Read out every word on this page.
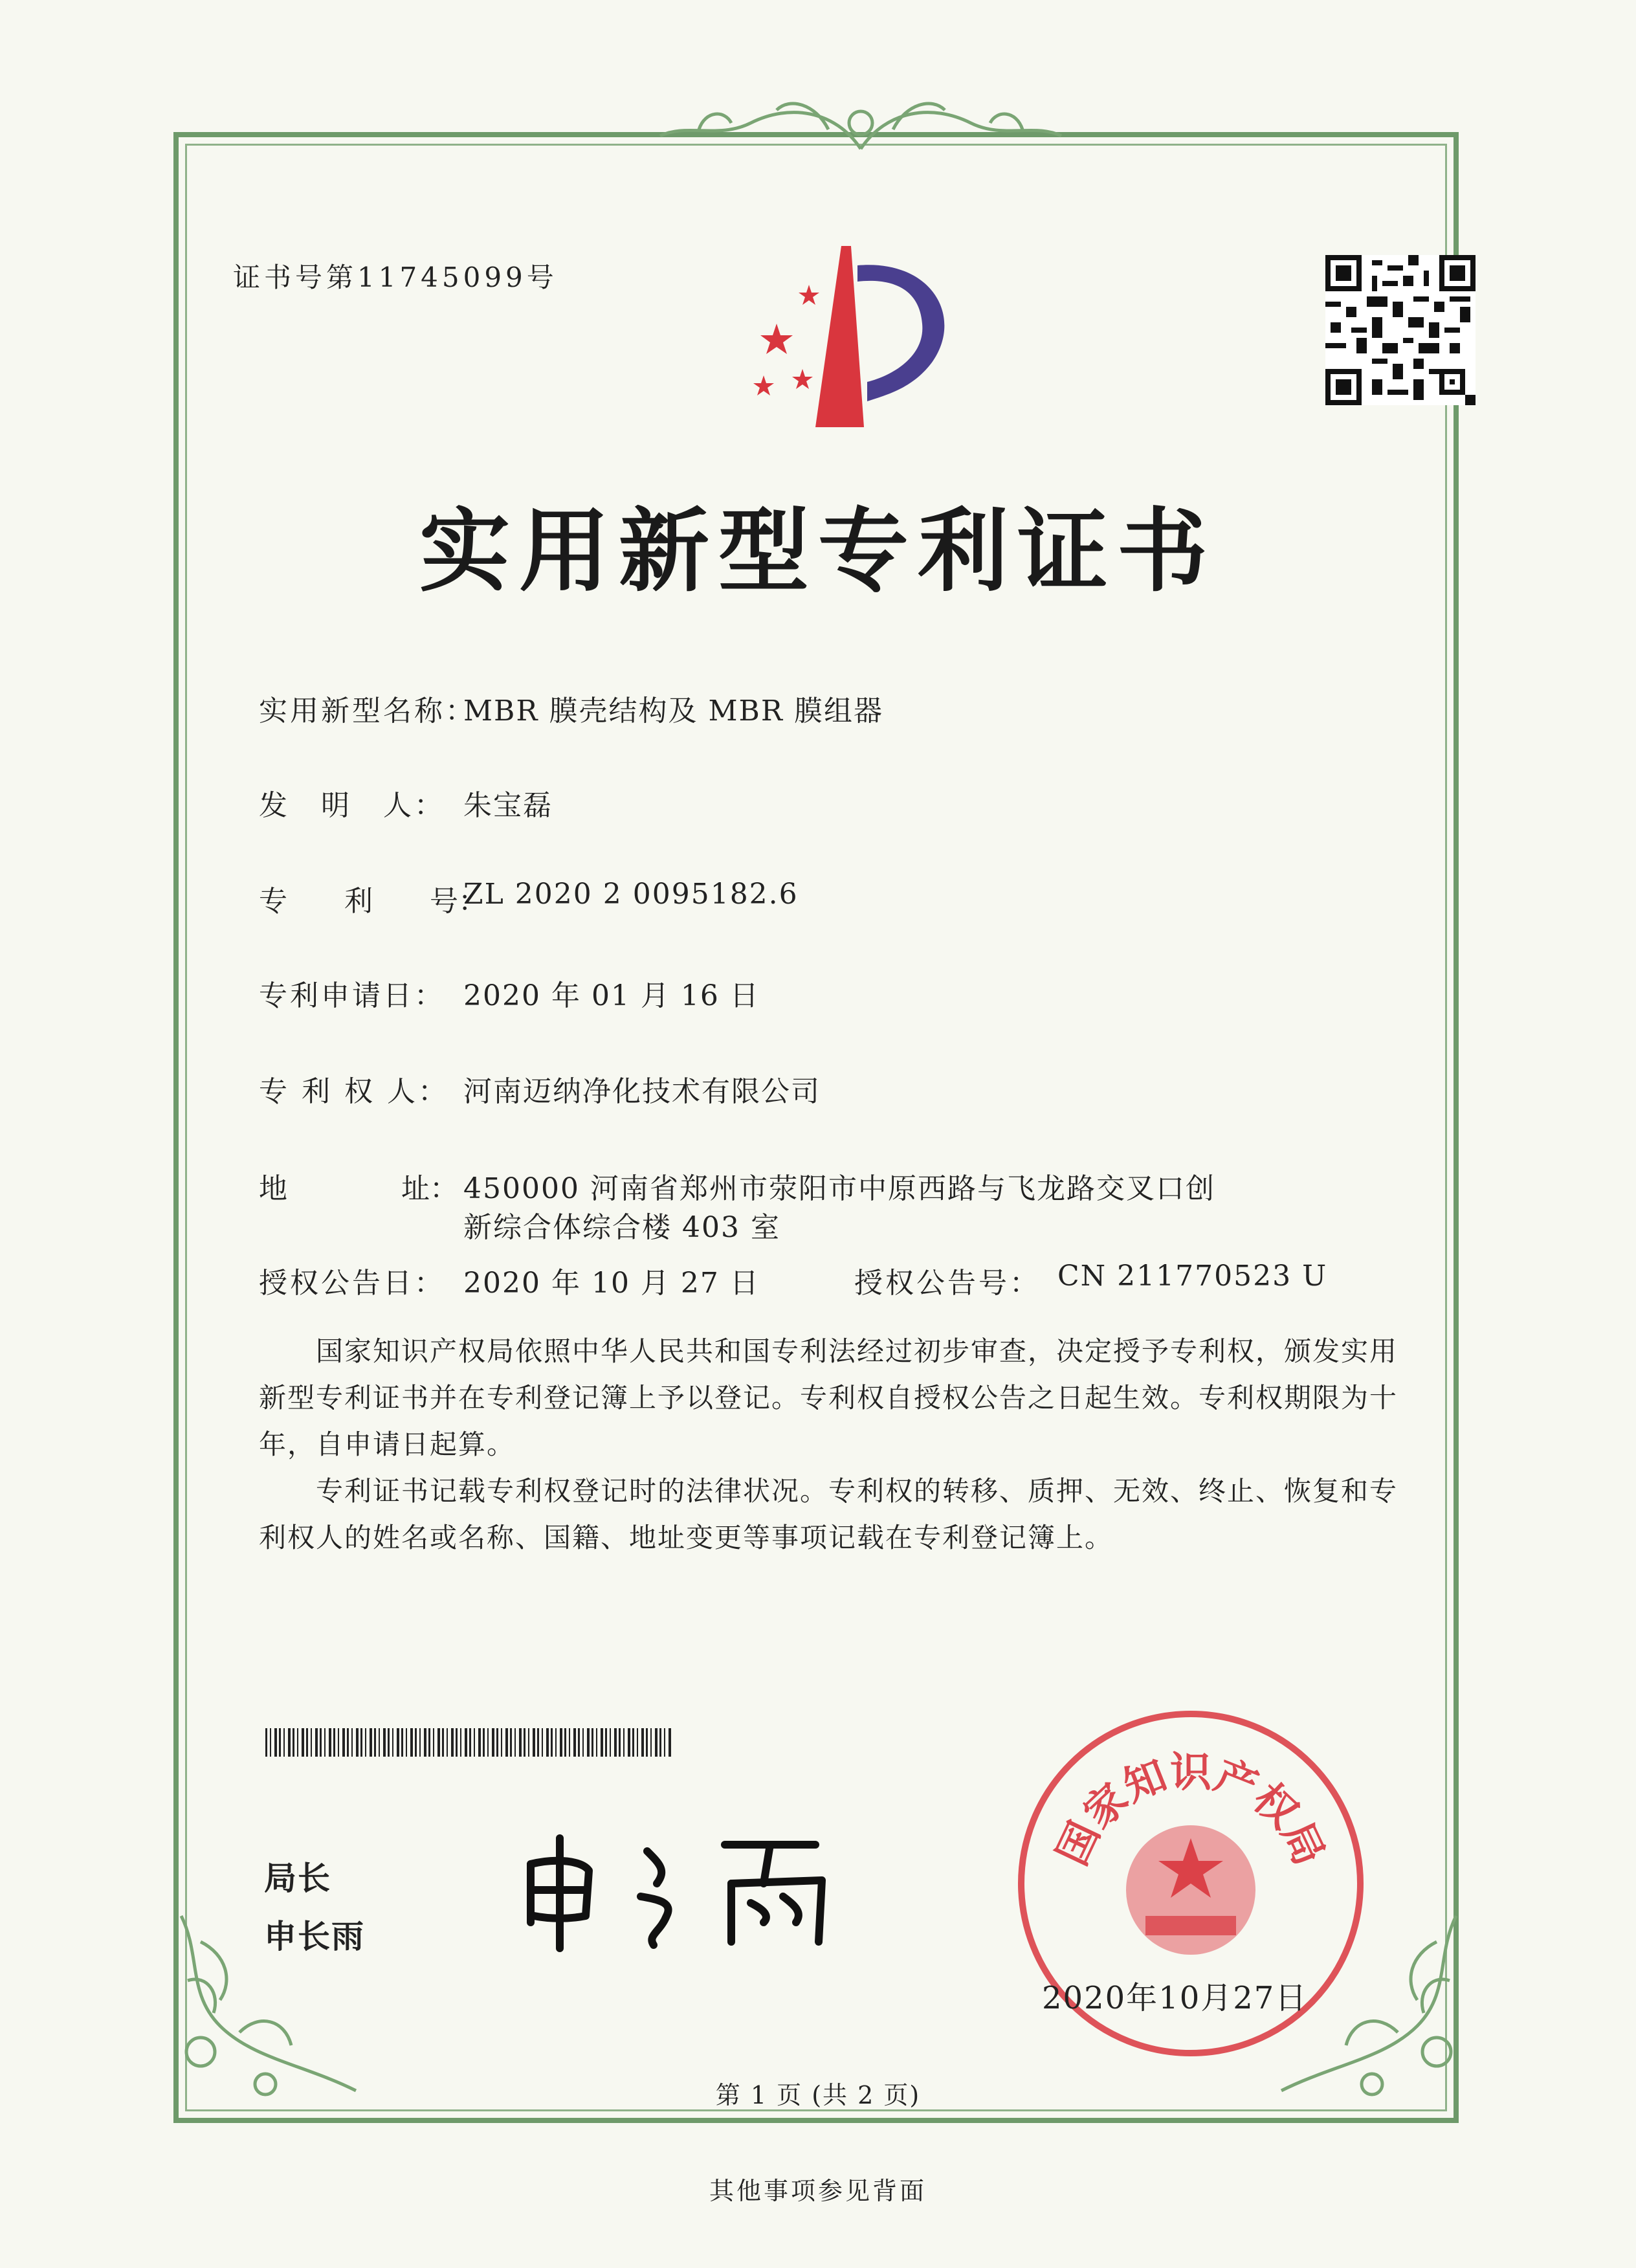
证书号第11745099号
实用新型专利证书
实用新型名称：
MBR 膜壳结构及 MBR 膜组器
发　明　人： 朱宝磊
专　　利　　号：
ZL 2020 2 0095182.6
专利申请日： 2020 年 01 月 16 日
专 利 权 人： 河南迈纳净化技术有限公司
地　　　　址： 450000 河南省郑州市荥阳市中原西路与飞龙路交叉口创
新综合体综合楼 403 室
授权公告日： 2020 年 10 月 27 日	授权公告号： CN 211770523 U
　　国家知识产权局依照中华人民共和国专利法经过初步审查，决定授予专利权，颁发实用
新型专利证书并在专利登记簿上予以登记。专利权自授权公告之日起生效。专利权期限为十
年，自申请日起算。
　　专利证书记载专利权登记时的法律状况。专利权的转移、质押、无效、终止、恢复和专
利权人的姓名或名称、国籍、地址变更等事项记载在专利登记簿上。
局长
申长雨
国家知识产权局
2020年10月27日
第 1 页 (共 2 页)
其他事项参见背面
